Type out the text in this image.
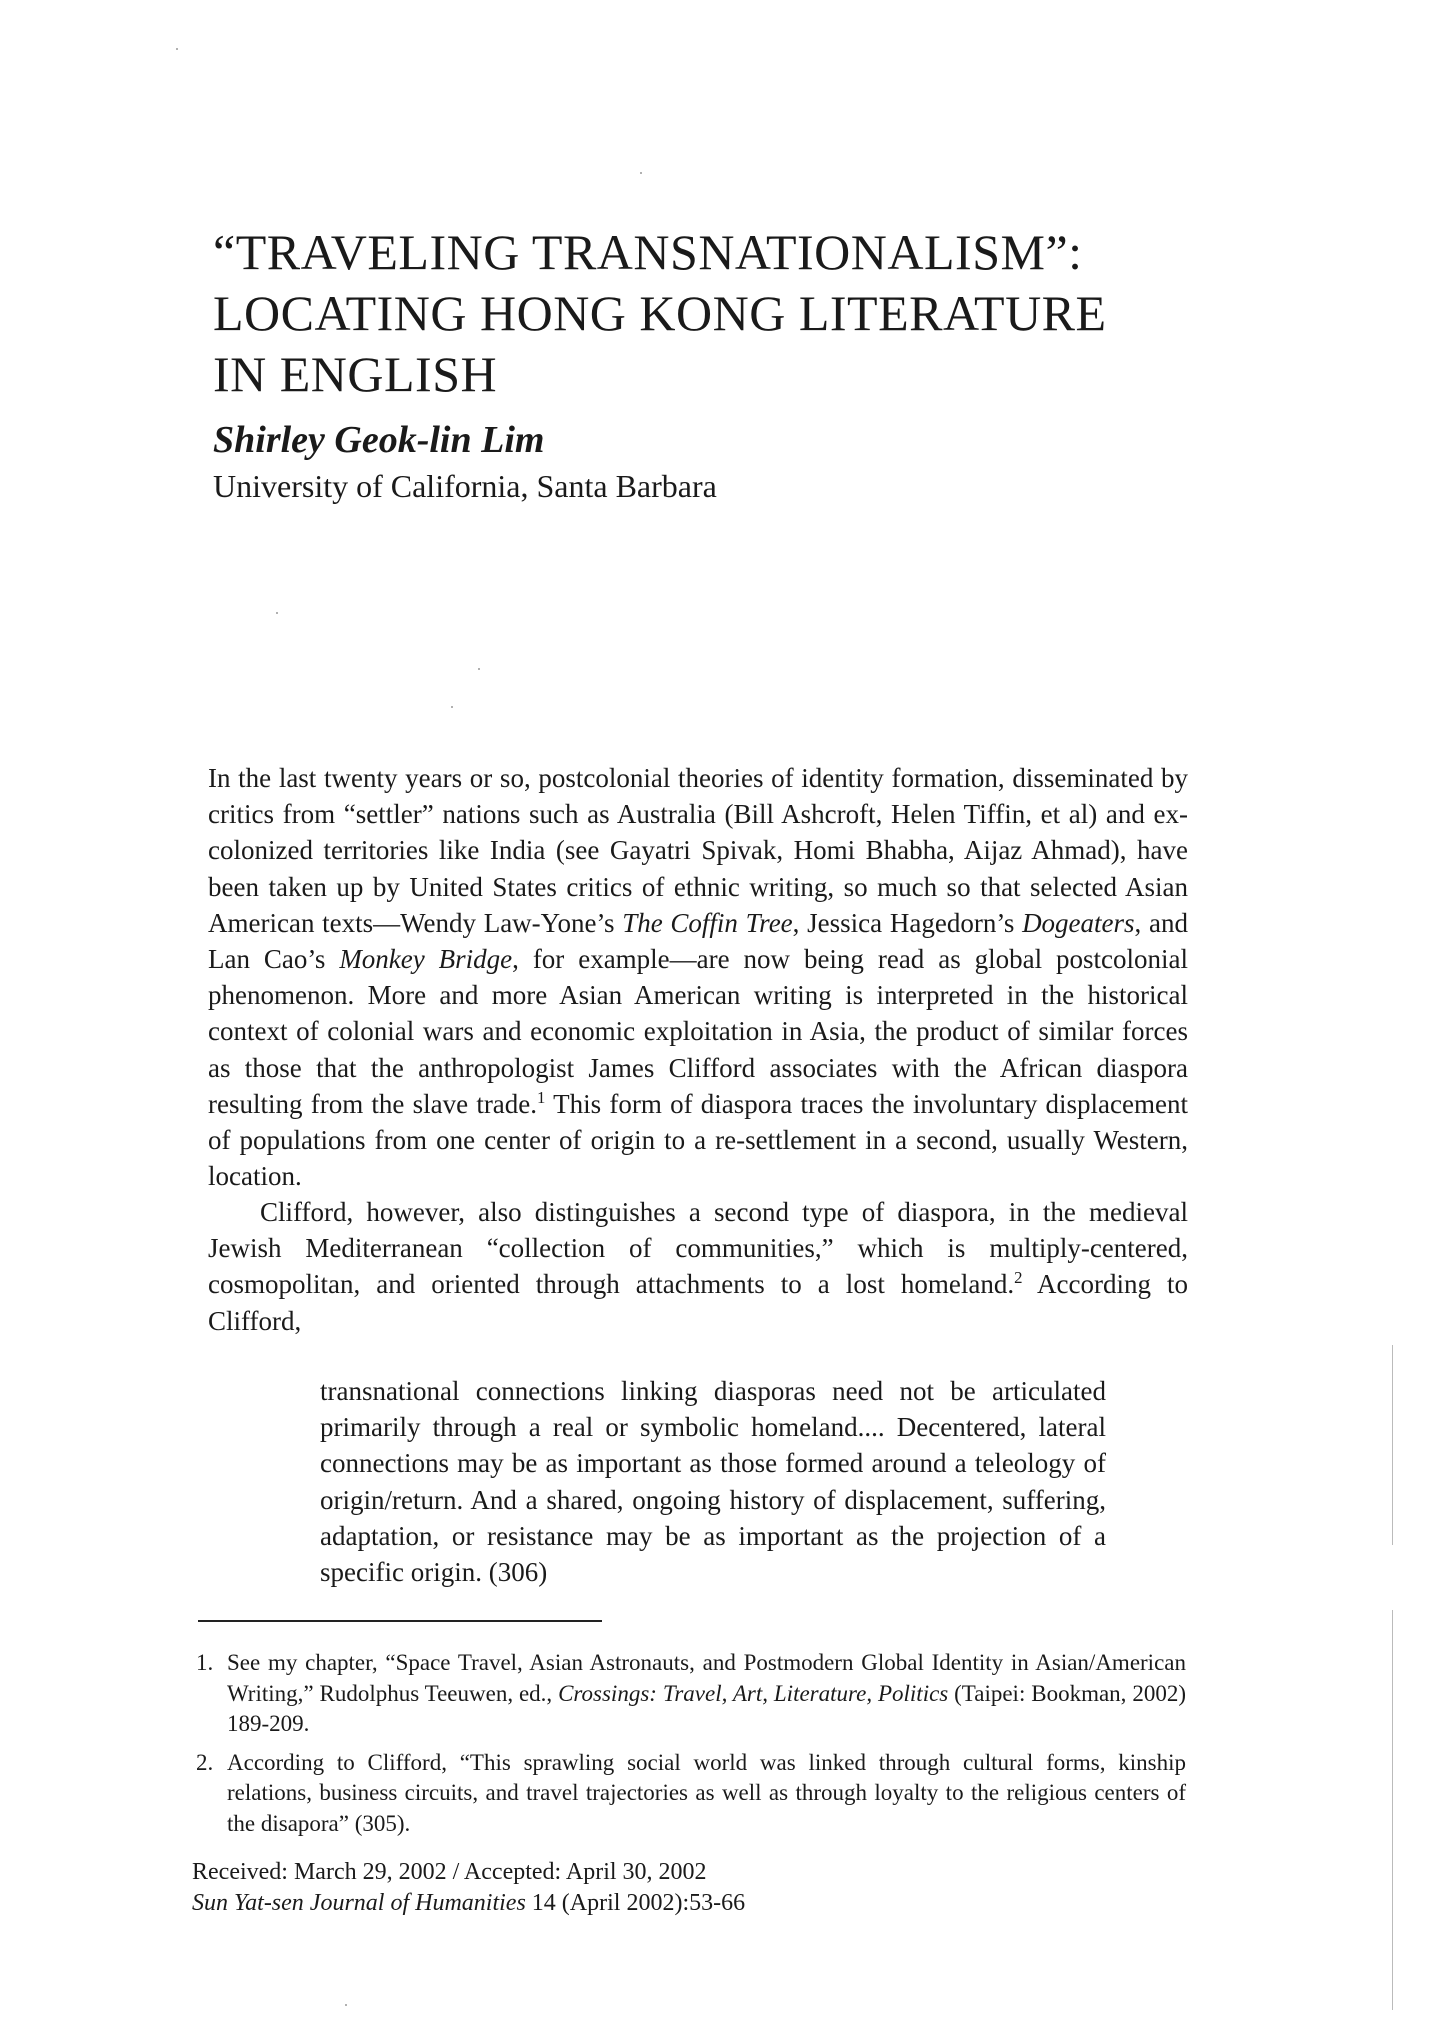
“TRAVELING TRANSNATIONALISM”:
LOCATING HONG KONG LITERATURE
IN ENGLISH

Shirley Geok-lin Lim

University of California, Santa Barbara

In the last twenty years or so, postcolonial theories of identity formation, disseminated by critics from “settler” nations such as Australia (Bill Ashcroft, Helen Tiffin, et al) and ex-colonized territories like India (see Gayatri Spivak, Homi Bhabha, Aijaz Ahmad), have been taken up by United States critics of ethnic writing, so much so that selected Asian American texts—Wendy Law-Yone’s The Coffin Tree, Jessica Hagedorn’s Dogeaters, and Lan Cao’s Monkey Bridge, for example—are now being read as global postcolonial phenomenon. More and more Asian American writing is interpreted in the historical context of colonial wars and economic exploitation in Asia, the product of similar forces as those that the anthropologist James Clifford associates with the African diaspora resulting from the slave trade.$^1$ This form of diaspora traces the involuntary displacement of populations from one center of origin to a re-settlement in a second, usually Western, location.

Clifford, however, also distinguishes a second type of diaspora, in the medieval Jewish Mediterranean “collection of communities,” which is multiply-centered, cosmopolitan, and oriented through attachments to a lost homeland.$^2$ According to Clifford,

transnational connections linking diasporas need not be articulated primarily through a real or symbolic homeland.... Decentered, lateral connections may be as important as those formed around a teleology of origin/return. And a shared, ongoing history of displacement, suffering, adaptation, or resistance may be as important as the projection of a specific origin. (306)
1. See my chapter, “Space Travel, Asian Astronauts, and Postmodern Global Identity in Asian/American Writing,” Rudolphus Teeuwen, ed., Crossings: Travel, Art, Literature, Politics (Taipei: Bookman, 2002) 189-209.
2. According to Clifford, “This sprawling social world was linked through cultural forms, kinship relations, business circuits, and travel trajectories as well as through loyalty to the religious centers of the disapora” (305).

Received: March 29, 2002 / Accepted: April 30, 2002

Sun Yat-sen Journal of Humanities 14 (April 2002):53-66
